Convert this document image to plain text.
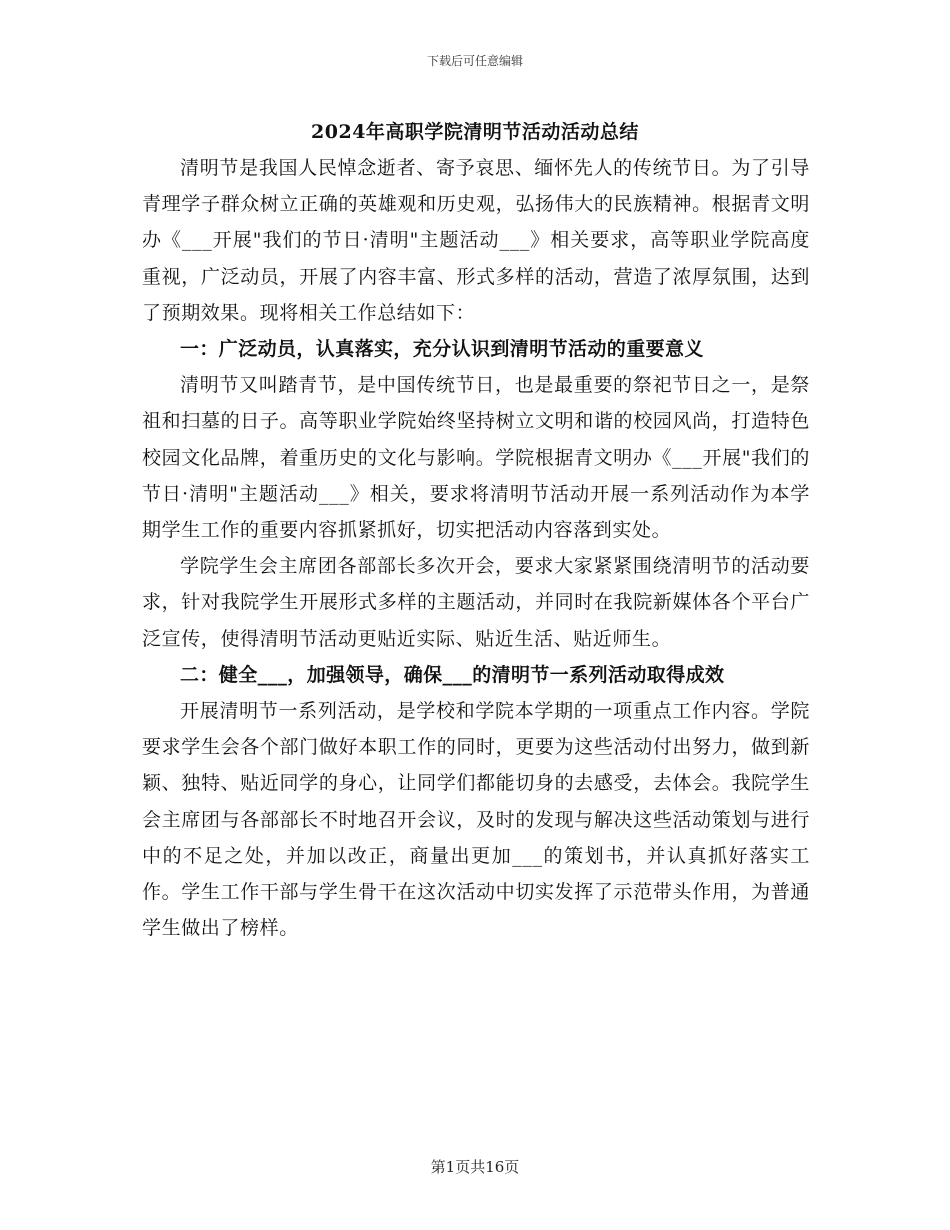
下载后可任意编辑
2024年高职学院清明节活动活动总结

清明节是我国人民悼念逝者、寄予哀思、缅怀先人的传统节日。为了引导青理学子群众树立正确的英雄观和历史观，弘扬伟大的民族精神。根据青文明办《___开展"我们的节日·清明"主题活动___》相关要求，高等职业学院高度重视，广泛动员，开展了内容丰富、形式多样的活动，营造了浓厚氛围，达到了预期效果。现将相关工作总结如下：

一：广泛动员，认真落实，充分认识到清明节活动的重要意义

清明节又叫踏青节，是中国传统节日，也是最重要的祭祀节日之一，是祭祖和扫墓的日子。高等职业学院始终坚持树立文明和谐的校园风尚，打造特色校园文化品牌，着重历史的文化与影响。学院根据青文明办《___开展"我们的节日·清明"主题活动___》相关，要求将清明节活动开展一系列活动作为本学期学生工作的重要内容抓紧抓好，切实把活动内容落到实处。

学院学生会主席团各部部长多次开会，要求大家紧紧围绕清明节的活动要求，针对我院学生开展形式多样的主题活动，并同时在我院新媒体各个平台广泛宣传，使得清明节活动更贴近实际、贴近生活、贴近师生。

二：健全___，加强领导，确保___的清明节一系列活动取得成效

开展清明节一系列活动，是学校和学院本学期的一项重点工作内容。学院要求学生会各个部门做好本职工作的同时，更要为这些活动付出努力，做到新颖、独特、贴近同学的身心，让同学们都能切身的去感受，去体会。我院学生会主席团与各部部长不时地召开会议，及时的发现与解决这些活动策划与进行中的不足之处，并加以改正，商量出更加___的策划书，并认真抓好落实工作。学生工作干部与学生骨干在这次活动中切实发挥了示范带头作用，为普通学生做出了榜样。

第1页共16页
